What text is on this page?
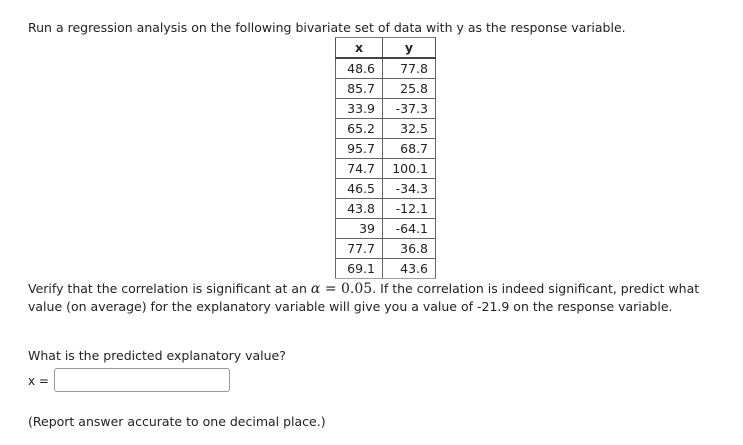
Run a regression analysis on the following bivariate set of data with y as the response variable.
x	y
48.6	77.8
85.7	25.8
33.9	-37.3
65.2	32.5
95.7	68.7
74.7	100.1
46.5	-34.3
43.8	-12.1
39	-64.1
77.7	36.8
69.1	43.6
Verify that the correlation is significant at an α = 0.05. If the correlation is indeed significant, predict what value (on average) for the explanatory variable will give you a value of -21.9 on the response variable.
What is the predicted explanatory value?
x =
(Report answer accurate to one decimal place.)
